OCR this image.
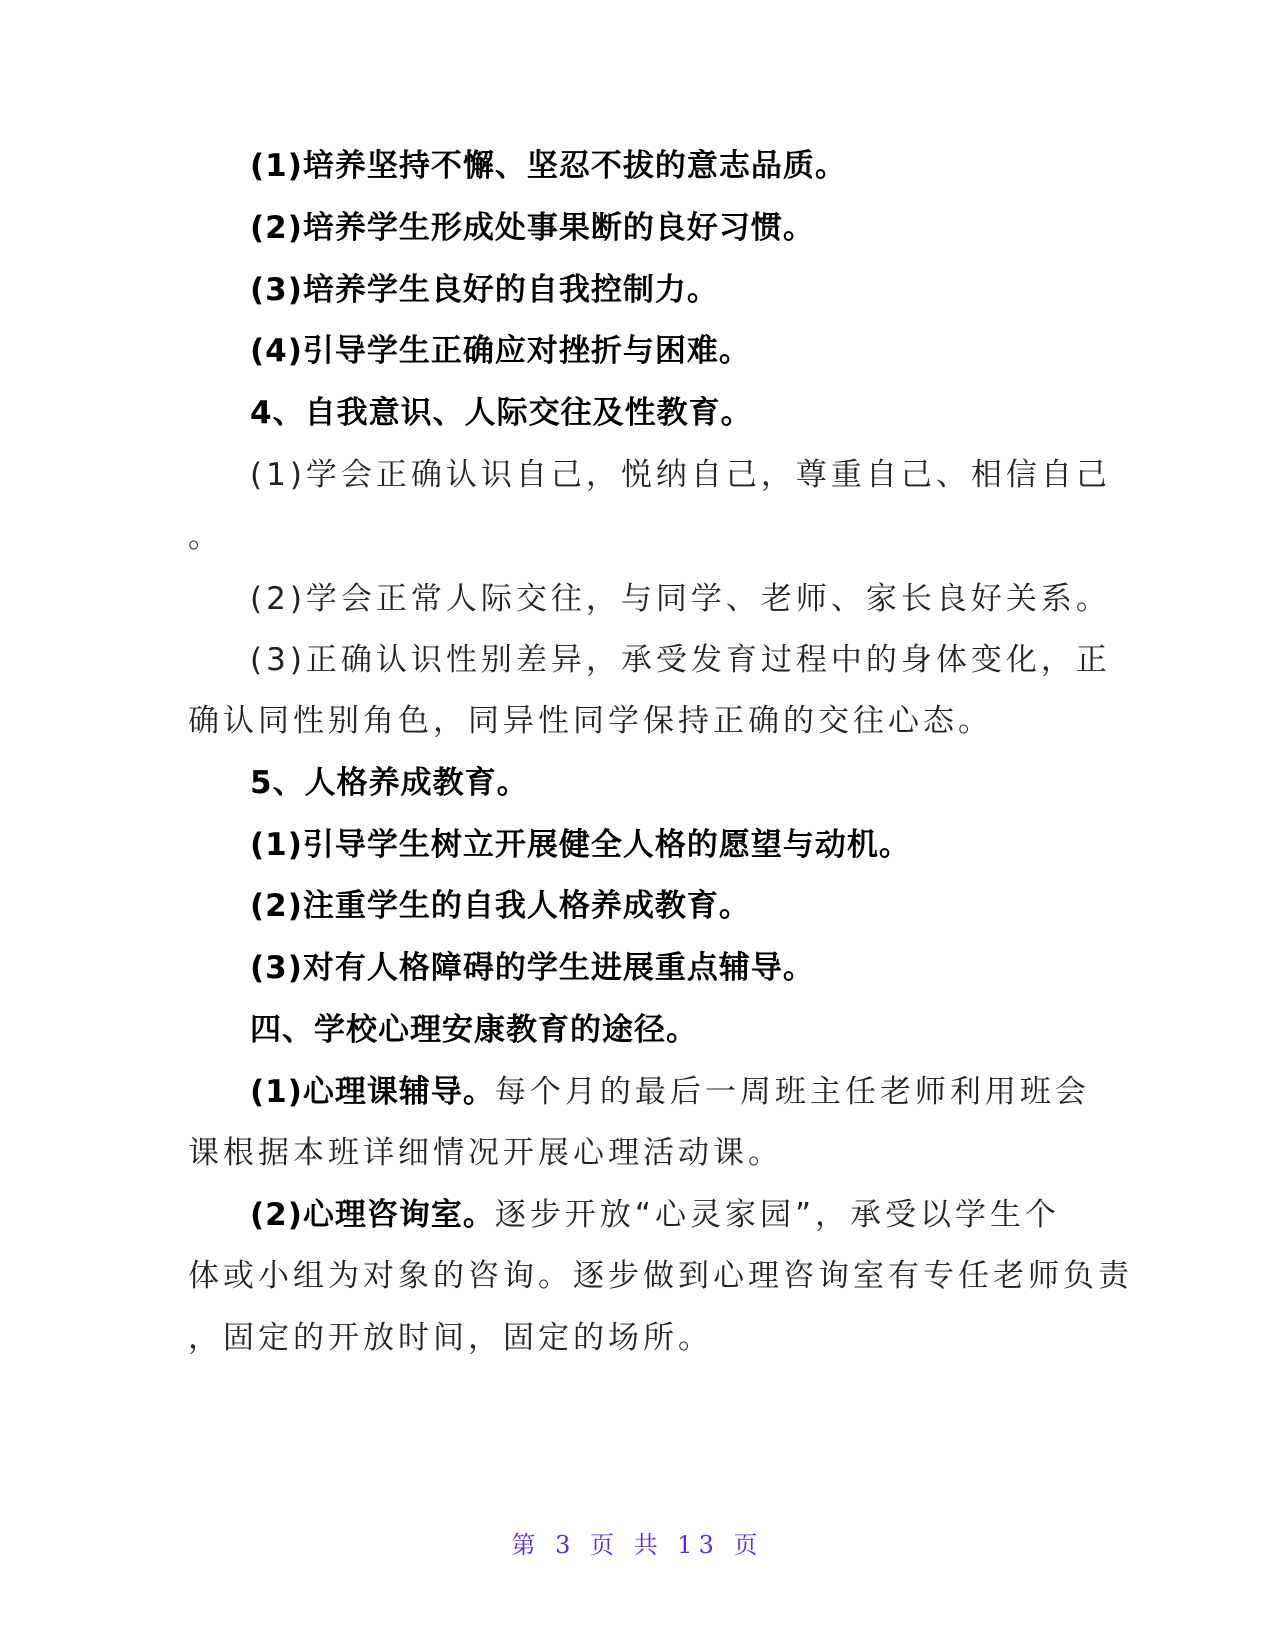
(1)培养坚持不懈、坚忍不拔的意志品质。
(2)培养学生形成处事果断的良好习惯。
(3)培养学生良好的自我控制力。
(4)引导学生正确应对挫折与困难。
4、自我意识、人际交往及性教育。
(1)学会正确认识自己，悦纳自己，尊重自己、相信自己
。
(2)学会正常人际交往，与同学、老师、家长良好关系。
(3)正确认识性别差异，承受发育过程中的身体变化，正
确认同性别角色，同异性同学保持正确的交往心态。
5、人格养成教育。
(1)引导学生树立开展健全人格的愿望与动机。
(2)注重学生的自我人格养成教育。
(3)对有人格障碍的学生进展重点辅导。
四、学校心理安康教育的途径。
(1)心理课辅导。每个月的最后一周班主任老师利用班会
课根据本班详细情况开展心理活动课。
(2)心理咨询室。逐步开放“心灵家园”，承受以学生个
体或小组为对象的咨询。逐步做到心理咨询室有专任老师负责
，固定的开放时间，固定的场所。
第 3 页 共 13 页
